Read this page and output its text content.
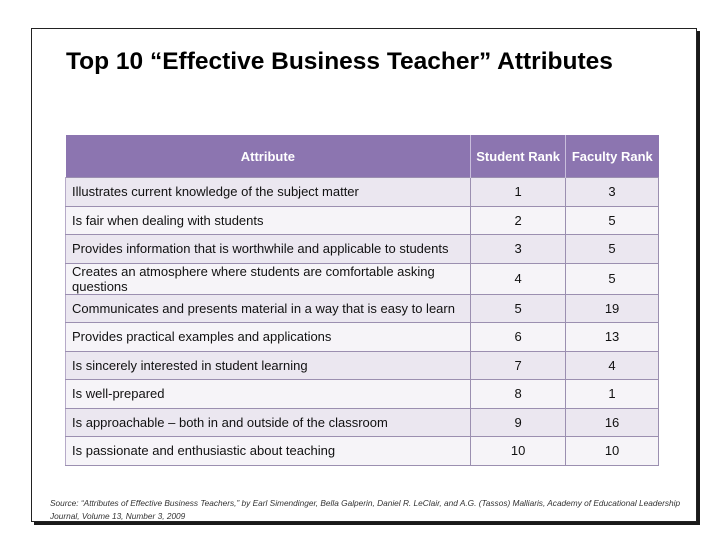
Top 10 “Effective Business Teacher” Attributes
Attribute	Student Rank	Faculty Rank
Illustrates current knowledge of the subject matter	1	3
Is fair when dealing with students	2	5
Provides information that is worthwhile and applicable to students	3	5
Creates an atmosphere where students are comfortable asking questions	4	5
Communicates and presents material in a way that is easy to learn	5	19
Provides practical examples and applications	6	13
Is sincerely interested in student learning	7	4
Is well-prepared	8	1
Is approachable – both in and outside of the classroom	9	16
Is passionate and enthusiastic about teaching	10	10
Source: “Attributes of Effective Business Teachers,” by Earl Simendinger, Bella Galperin, Daniel R. LeClair, and A.G. (Tassos) Malliaris, Academy of Educational Leadership Journal, Volume 13, Number 3, 2009
